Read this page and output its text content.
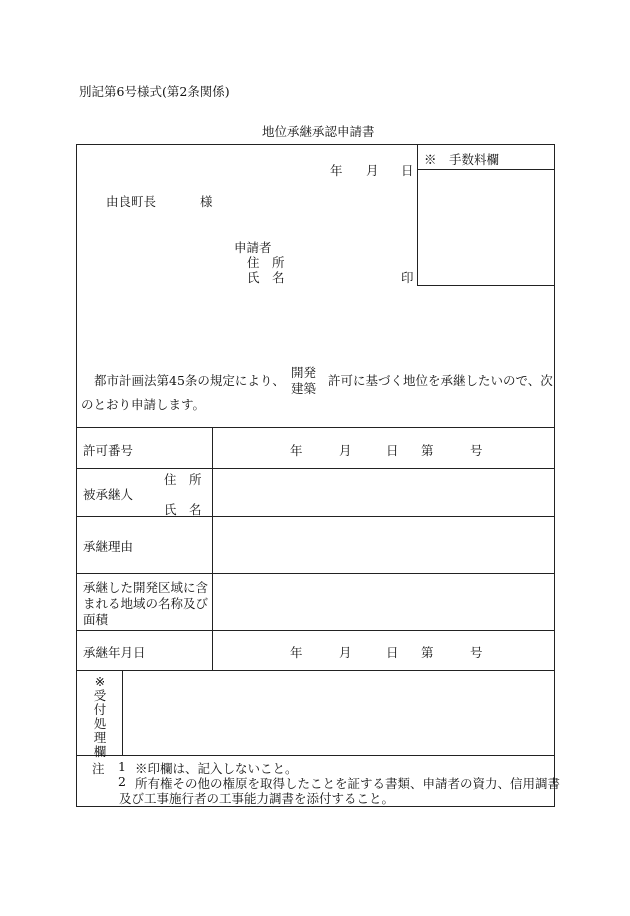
別記第6号様式(第2条関係)
地位承継承認申請書
※　手数料欄
年 月 日
由良町長	様
申請者
住　所
氏　名	印
都市計画法第45条の規定により、
開発
建築
許可に基づく地位を承継したいので、次
のとおり申請します。
許可番号	年	月	日 第	号
住　所
被承継人
氏　名
承継理由
承継した開発区域に含
まれる地域の名称及び
面積
承継年月日	年	月	日 第	号
※
受
付
処
理
欄
注 1 ※印欄は、記入しないこと。
2 所有権その他の権原を取得したことを証する書類、申請者の資力、信用調書
及び工事施行者の工事能力調書を添付すること。
